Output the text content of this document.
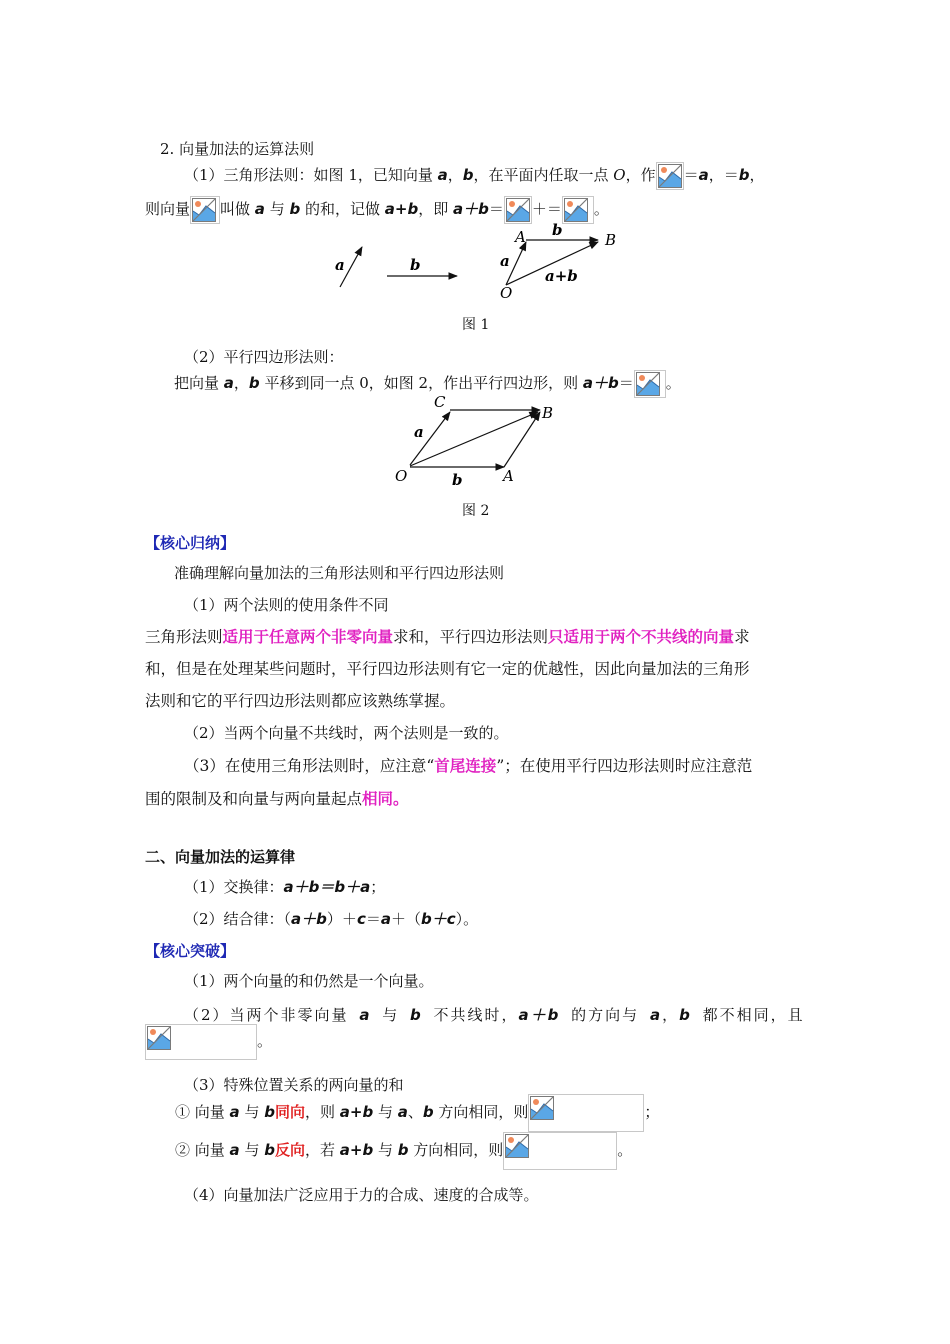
2. 向量加法的运算法则
（1）三角形法则：如图 1，已知向量 a，b，在平面内任取一点 O，作 ＝a，＝b，
则向量 叫做 a 与 b 的和，记做 a+b，即 a＋b＝ ＋＝ 。
a	b
A b
B
a
a+b
O
图 1
（2）平行四边形法则：
把向量 a，b 平移到同一点 0，如图 2，作出平行四边形，则 a＋b＝ 。
C
B
a
O	b	A
图 2
【核心归纳】
准确理解向量加法的三角形法则和平行四边形法则
（1）两个法则的使用条件不同
三角形法则适用于任意两个非零向量求和，平行四边形法则只适用于两个不共线的向量求
和，但是在处理某些问题时，平行四边形法则有它一定的优越性，因此向量加法的三角形
法则和它的平行四边形法则都应该熟练掌握。
（2）当两个向量不共线时，两个法则是一致的。
（3）在使用三角形法则时，应注意“首尾连接”；在使用平行四边形法则时应注意范
围的限制及和向量与两向量起点相同。
二、向量加法的运算律
（1）交换律：a＋b＝b＋a；
（2）结合律：（a＋b）＋c＝a＋（b＋c）。
【核心突破】
（1）两个向量的和仍然是一个向量。
（2）当两个非零向量 a 与 b 不共线时，a＋b 的方向与 a，b 都不相同，且
。
（3）特殊位置关系的两向量的和
① 向量 a 与 b同向，则 a+b 与 a、b 方向相同，则	；
② 向量 a 与 b反向，若 a+b 与 b 方向相同，则	。
（4）向量加法广泛应用于力的合成、速度的合成等。
